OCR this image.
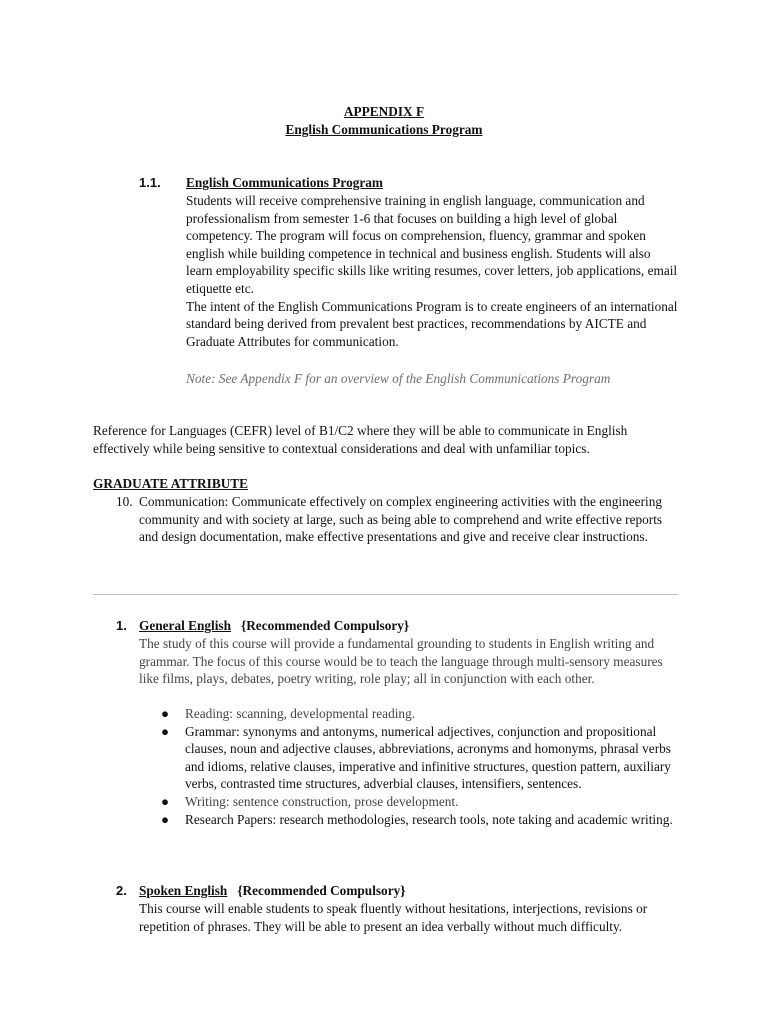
APPENDIX F
English Communications Program
1.1. English Communications Program

Students will receive comprehensive training in english language, communication and professionalism from semester 1-6 that focuses on building a high level of global competency. The program will focus on comprehension, fluency, grammar and spoken english while building competence in technical and business english. Students will also learn employability specific skills like writing resumes, cover letters, job applications, email etiquette etc.

The intent of the English Communications Program is to create engineers of an international standard being derived from prevalent best practices, recommendations by AICTE and Graduate Attributes for communication.

Note: See Appendix F for an overview of the English Communications Program
Reference for Languages (CEFR) level of B1/C2 where they will be able to communicate in English effectively while being sensitive to contextual considerations and deal with unfamiliar topics.
GRADUATE ATTRIBUTE
10. Communication: Communicate effectively on complex engineering activities with the engineering community and with society at large, such as being able to comprehend and write effective reports and design documentation, make effective presentations and give and receive clear instructions.
1. General English {Recommended Compulsory}
The study of this course will provide a fundamental grounding to students in English writing and grammar. The focus of this course would be to teach the language through multi-sensory measures like films, plays, debates, poetry writing, role play; all in conjunction with each other.
● Reading: scanning, developmental reading.
● Grammar: synonyms and antonyms, numerical adjectives, conjunction and propositional clauses, noun and adjective clauses, abbreviations, acronyms and homonyms, phrasal verbs and idioms, relative clauses, imperative and infinitive structures, question pattern, auxiliary verbs, contrasted time structures, adverbial clauses, intensifiers, sentences.
● Writing: sentence construction, prose development.
● Research Papers: research methodologies, research tools, note taking and academic writing.
2. Spoken English {Recommended Compulsory}
This course will enable students to speak fluently without hesitations, interjections, revisions or repetition of phrases. They will be able to present an idea verbally without much difficulty.
